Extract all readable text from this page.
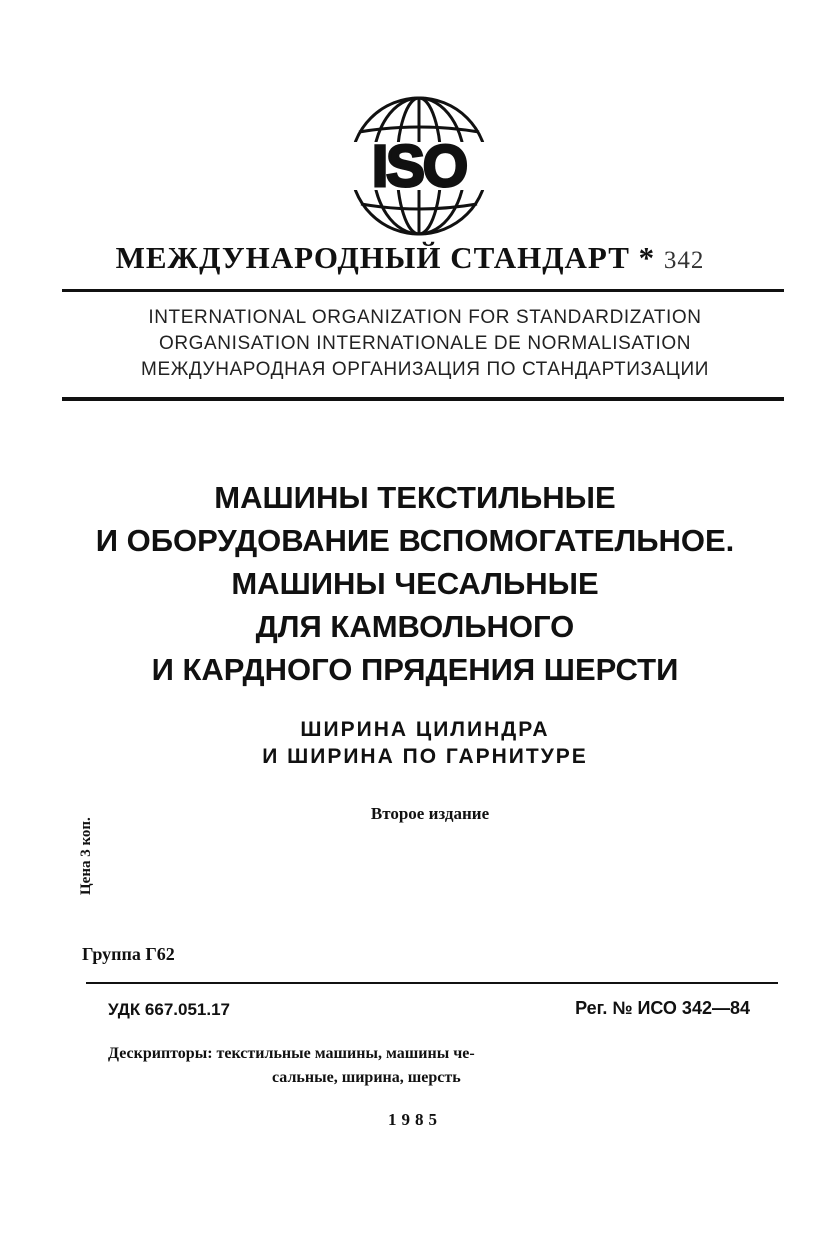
ISO
МЕЖДУНАРОДНЫЙ СТАНДАРТ * 342
INTERNATIONAL ORGANIZATION FOR STANDARDIZATION
ORGANISATION INTERNATIONALE DE NORMALISATION
МЕЖДУНАРОДНАЯ ОРГАНИЗАЦИЯ ПО СТАНДАРТИЗАЦИИ
МАШИНЫ ТЕКСТИЛЬНЫЕ
И ОБОРУДОВАНИЕ ВСПОМОГАТЕЛЬНОЕ.
МАШИНЫ ЧЕСАЛЬНЫЕ
ДЛЯ КАМВОЛЬНОГО
И КАРДНОГО ПРЯДЕНИЯ ШЕРСТИ
ШИРИНА ЦИЛИНДРА
И ШИРИНА ПО ГАРНИТУРЕ
Второе издание
Цена 3 коп.
Группа Г62
УДК 667.051.17	Рег. № ИСО 342—84
Дескрипторы: текстильные машины, машины че-
сальные, ширина, шерсть
1985
